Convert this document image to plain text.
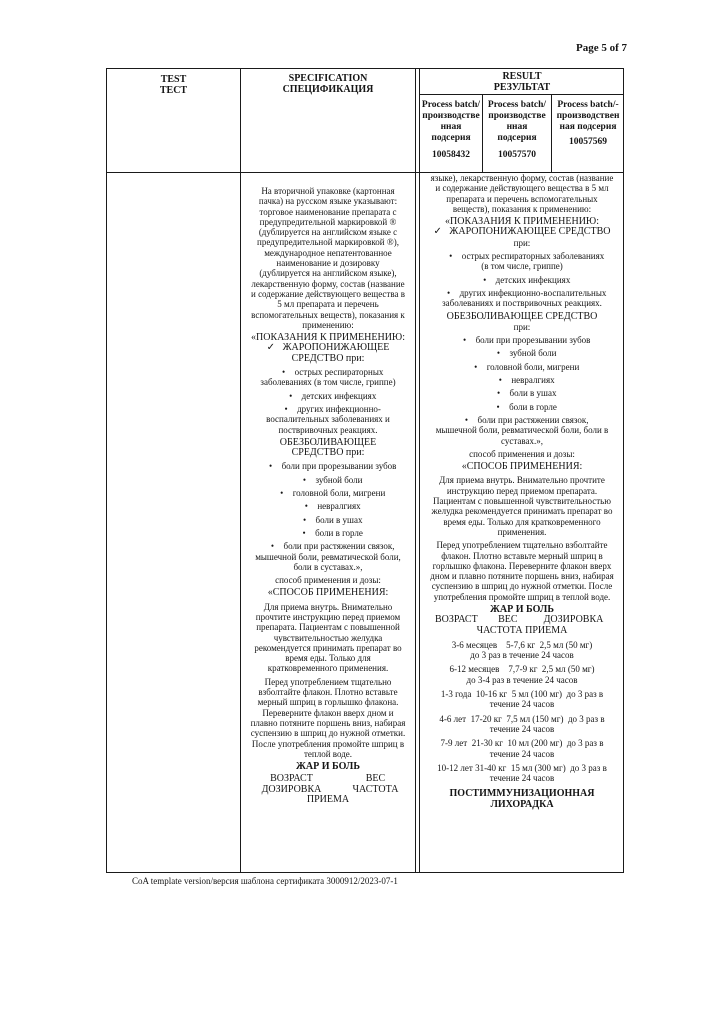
Page 5 of 7
TEST
ТЕСТ
SPECIFICATION
СПЕЦИФИКАЦИЯ
RESULT
РЕЗУЛЬТАТ
Process batch/
производстве
нная
подсерия
10058432
Process batch/
производстве
нная
подсерия
10057570
Process batch/-
производствен
ная подсерия
10057569

На вторичной упаковке (картонная

пачка) на русском языке указывают:

торговое наименование препарата с

предупредительной маркировкой ®

(дублируется на английском языке с

предупредительной маркировкой ®),

международное непатентованное

наименование и дозировку

(дублируется на английском языке),

лекарственную форму, состав (название

и содержание действующего вещества в

5 мл препарата и перечень

вспомогательных веществ), показания к

применению:

«ПОКАЗАНИЯ К ПРИМЕНЕНИЮ:

✓ ЖАРОПОНИЖАЮЩЕЕ

СРЕДСТВО при:

• острых респираторных

заболеваниях (в том числе, гриппе)

• детских инфекциях

• других инфекционно-

воспалительных заболеваниях и

поствривочных реакциях.

ОБЕЗБОЛИВАЮЩЕЕ

СРЕДСТВО при:

• боли при прорезывании зубов

• зубной боли

• головной боли, мигрени

• невралгиях

• боли в ушах

• боли в горле

• боли при растяжении связок,

мышечной боли, ревматической боли,

боли в суставах.»,

способ применения и дозы:

«СПОСОБ ПРИМЕНЕНИЯ:

Для приема внутрь. Внимательно

прочтите инструкцию перед приемом

препарата. Пациентам с повышенной

чувствительностью желудка

рекомендуется принимать препарат во

время еды. Только для

кратковременного применения.

Перед употреблением тщательно

взболтайте флакон. Плотно вставьте

мерный шприц в горлышко флакона.

Переверните флакон вверх дном и

плавно потяните поршень вниз, набирая

суспензию в шприц до нужной отметки.

После употребления промойте шприц в

теплой воде.

ЖАР И БОЛЬ

ВОЗРАСТ	ВЕС
ДОЗИРОВКА	ЧАСТОТА
ПРИЕМА	

языке), лекарственную форму, состав (название

и содержание действующего вещества в 5 мл

препарата и перечень вспомогательных

веществ), показания к применению:

«ПОКАЗАНИЯ К ПРИМЕНЕНИЮ:

✓ ЖАРОПОНИЖАЮЩЕЕ СРЕДСТВО

при:

• острых респираторных заболеваниях

(в том числе, гриппе)

• детских инфекциях

• других инфекционно-воспалительных

заболеваниях и поствривочных реакциях.

ОБЕЗБОЛИВАЮЩЕЕ СРЕДСТВО

при:

• боли при прорезывании зубов

• зубной боли

• головной боли, мигрени

• невралгиях

• боли в ушах

• боли в горле

• боли при растяжении связок,

мышечной боли, ревматической боли, боли в

суставах.»,

способ применения и дозы:

«СПОСОБ ПРИМЕНЕНИЯ:

Для приема внутрь. Внимательно прочтите

инструкцию перед приемом препарата.

Пациентам с повышенной чувствительностью

желудка рекомендуется принимать препарат во

время еды. Только для кратковременного

применения.

Перед употреблением тщательно взболтайте

флакон. Плотно вставьте мерный шприц в

горлышко флакона. Переверните флакон вверх

дном и плавно потяните поршень вниз, набирая

суспензию в шприц до нужной отметки. После

употребления промойте шприц в теплой воде.

ЖАР И БОЛЬ

ВОЗРАСТ	ВЕС	ДОЗИРОВКА
ЧАСТОТА ПРИЕМА

3-6 месяцев 5-7,6 кг 2,5 мл (50 мг)

до 3 раз в течение 24 часов

6-12 месяцев 7,7-9 кг 2,5 мл (50 мг)

до 3-4 раз в течение 24 часов

1-3 года 10-16 кг 5 мл (100 мг) до 3 раз в

течение 24 часов

4-6 лет 17-20 кг 7,5 мл (150 мг) до 3 раз в

течение 24 часов

7-9 лет 21-30 кг 10 мл (200 мг) до 3 раз в

течение 24 часов

10-12 лет 31-40 кг 15 мл (300 мг) до 3 раз в

течение 24 часов

ПОСТИММУНИЗАЦИОННАЯ

ЛИХОРАДКА

CoA template version/версия шаблона сертификата 3000912/2023-07-1
